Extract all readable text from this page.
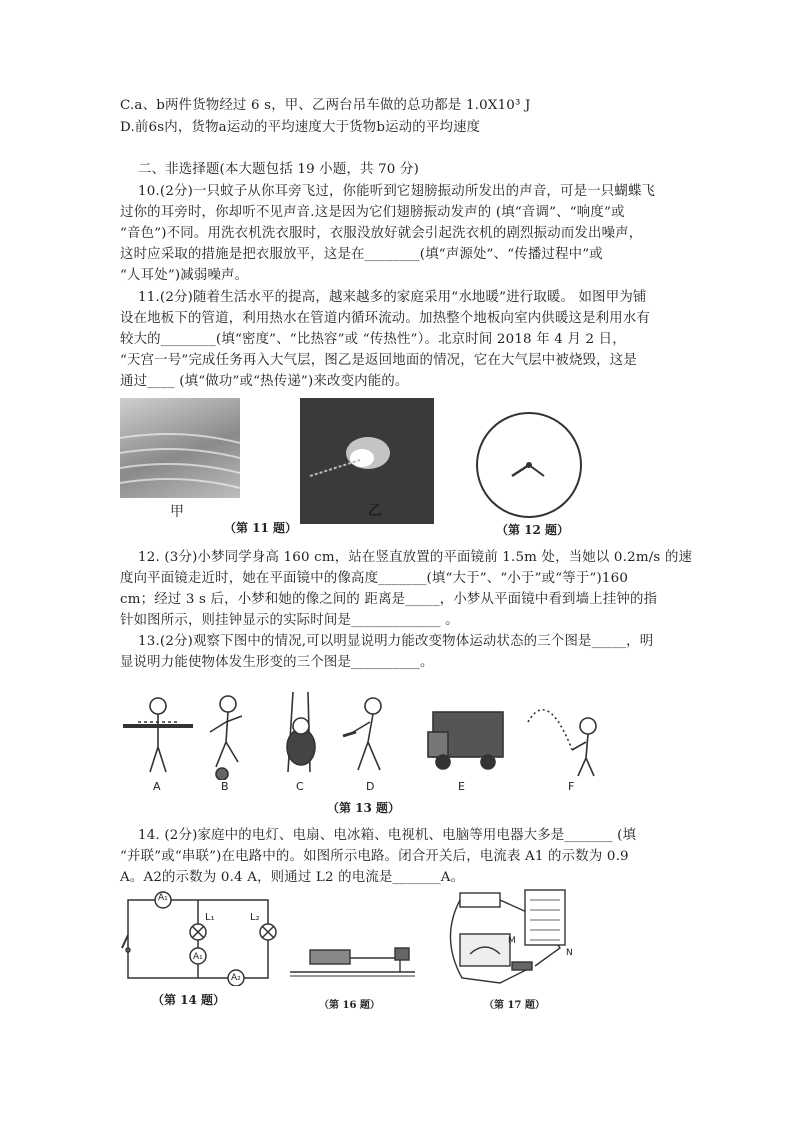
C.a、b两件货物经过 6 s，甲、乙两台吊车做的总功都是 1.0X10³ J
D.前6s内，货物a运动的平均速度大于货物b运动的平均速度
二、非选择题(本大题包括 19 小题，共 70 分)
10.(2分)一只蚊子从你耳旁飞过，你能听到它翅膀振动所发出的声音，可是一只蝴蝶飞
过你的耳旁时，你却听不见声音.这是因为它们翅膀振动发声的 (填“音调”、“响度”或
“音色”)不同。用洗衣机洗衣服时，衣服没放好就会引起洗衣机的剧烈振动而发出噪声，
这时应采取的措施是把衣服放平，这是在________(填“声源处”、“传播过程中”或
“人耳处”)减弱噪声。
11.(2分)随着生活水平的提高，越来越多的家庭采用“水地暖”进行取暖。 如图甲为铺
设在地板下的管道，利用热水在管道内循环流动。加热整个地板向室内供暖这是利用水有
较大的________(填“密度”、“比热容”或 “传热性”）。北京时间 2018 年 4 月 2 日，
“天宫一号”完成任务再入大气层，图乙是返回地面的情况，它在大气层中被烧毁，这是
通过____ (填“做功”或“热传递”)来改变内能的。
甲	乙
（第 11 题）	（第 12 题）
12. (3分)小梦同学身高 160 cm，站在竖直放置的平面镜前 1.5m 处，当她以 0.2m/s 的速
度向平面镜走近时，她在平面镜中的像高度_______(填“大于”、“小于”或“等于”)160
cm；经过 3 s 后，小梦和她的像之间的 距离是_____，小梦从平面镜中看到墙上挂钟的指
针如图所示，则挂钟显示的实际时间是_____________ 。
13.(2分)观察下图中的情况,可以明显说明力能改变物体运动状态的三个图是_____，明
显说明力能使物体发生形变的三个图是__________。
A	B	C	D	E	F
（第 13 题）
14. (2分)家庭中的电灯、电扇、电冰箱、电视机、电脑等用电器大多是_______ (填
“并联”或“串联”)在电路中的。如图所示电路。闭合开关后，电流表 A1 的示数为 0.9
A。A2的示数为 0.4 A，则通过 L2 的电流是_______A。
A₁
A₁
A₂
L₁	L₂
（第 14 题）	（第 16 题）
M
N
（第 17 题）
